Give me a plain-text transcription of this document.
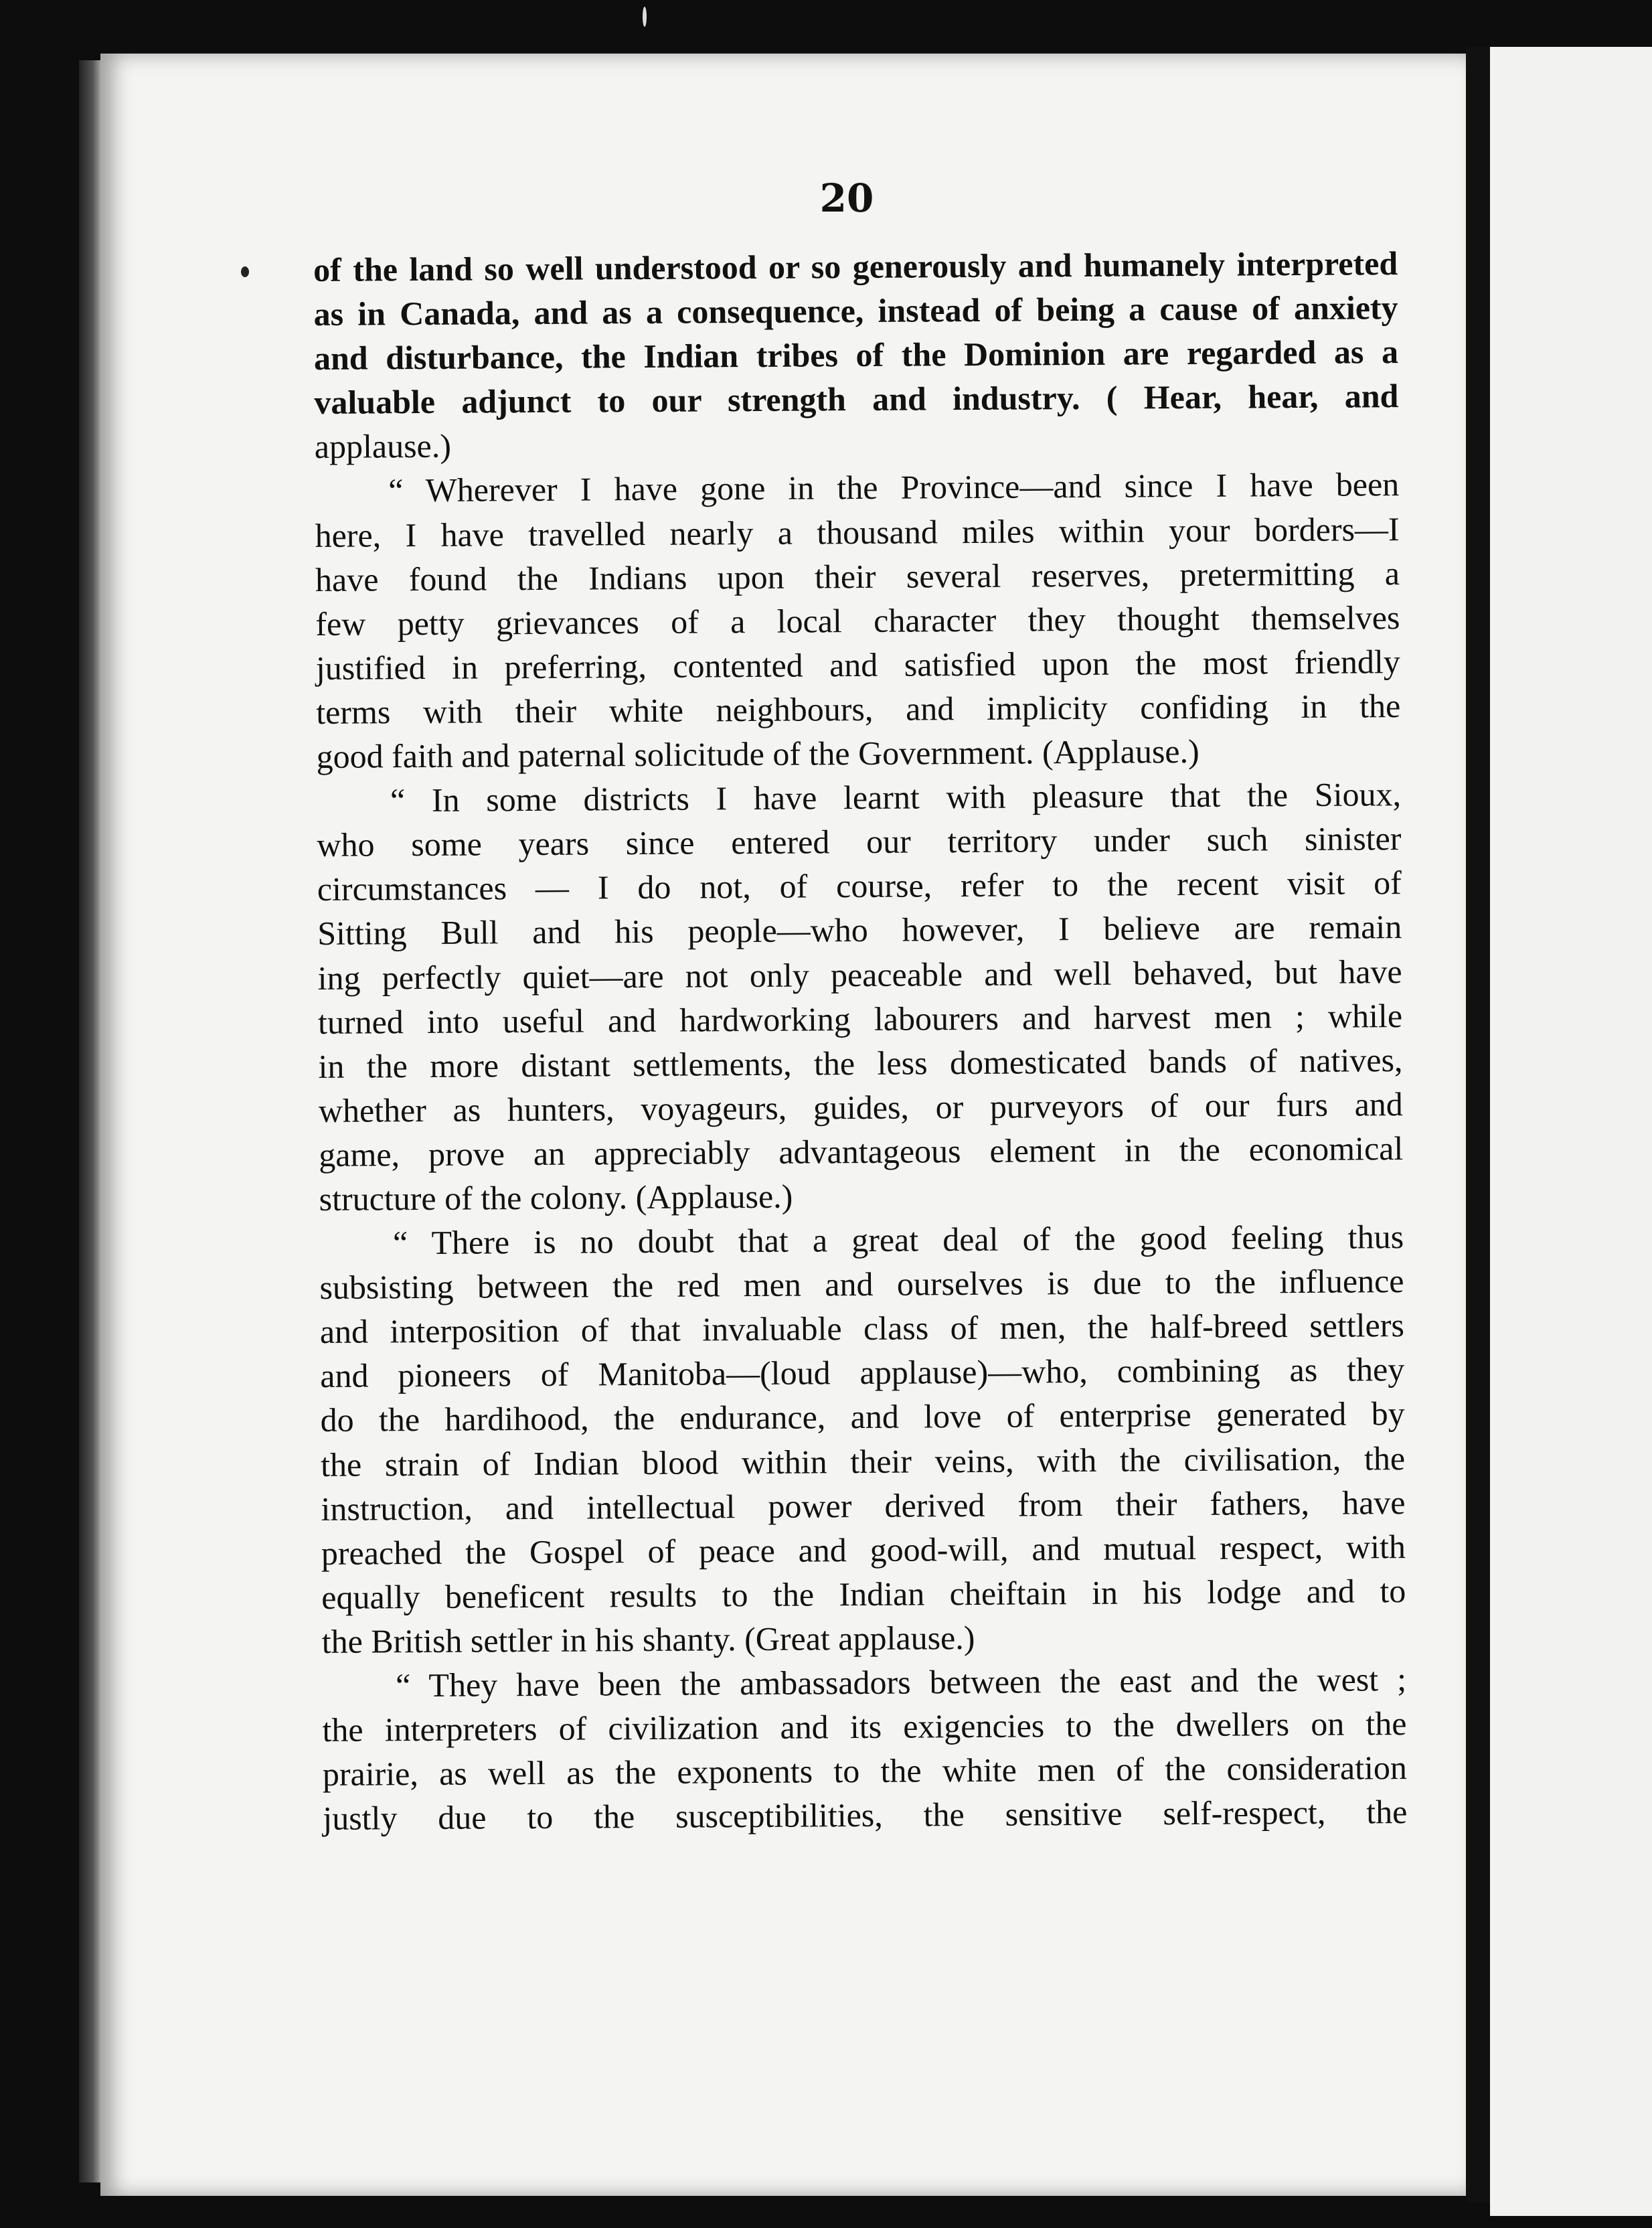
20
of the land so well understood or so generously and humanely interpreted
as in Canada, and as a consequence, instead of being a cause of anxiety
and disturbance, the Indian tribes of the Dominion are regarded as a
valuable adjunct to our strength and industry. ( Hear, hear, and
applause.)
“ Wherever I have gone in the Province—and since I have been
here, I have travelled nearly a thousand miles within your borders—I
have found the Indians upon their several reserves, pretermitting a
few petty grievances of a local character they thought themselves
justified in preferring, contented and satisfied upon the most friendly
terms with their white neighbours, and implicity confiding in the
good faith and paternal solicitude of the Government. (Applause.)
“ In some districts I have learnt with pleasure that the Sioux,
who some years since entered our territory under such sinister
circumstances — I do not, of course, refer to the recent visit of
Sitting Bull and his people—who however, I believe are remain
ing perfectly quiet—are not only peaceable and well behaved, but have
turned into useful and hardworking labourers and harvest men ; while
in the more distant settlements, the less domesticated bands of natives,
whether as hunters, voyageurs, guides, or purveyors of our furs and
game, prove an appreciably advantageous element in the economical
structure of the colony. (Applause.)
“ There is no doubt that a great deal of the good feeling thus
subsisting between the red men and ourselves is due to the influence
and interposition of that invaluable class of men, the half-breed settlers
and pioneers of Manitoba—(loud applause)—who, combining as they
do the hardihood, the endurance, and love of enterprise generated by
the strain of Indian blood within their veins, with the civilisation, the
instruction, and intellectual power derived from their fathers, have
preached the Gospel of peace and good-will, and mutual respect, with
equally beneficent results to the Indian cheiftain in his lodge and to
the British settler in his shanty. (Great applause.)
“ They have been the ambassadors between the east and the west ;
the interpreters of civilization and its exigencies to the dwellers on the
prairie, as well as the exponents to the white men of the consideration
justly due to the susceptibilities, the sensitive self-respect, the
